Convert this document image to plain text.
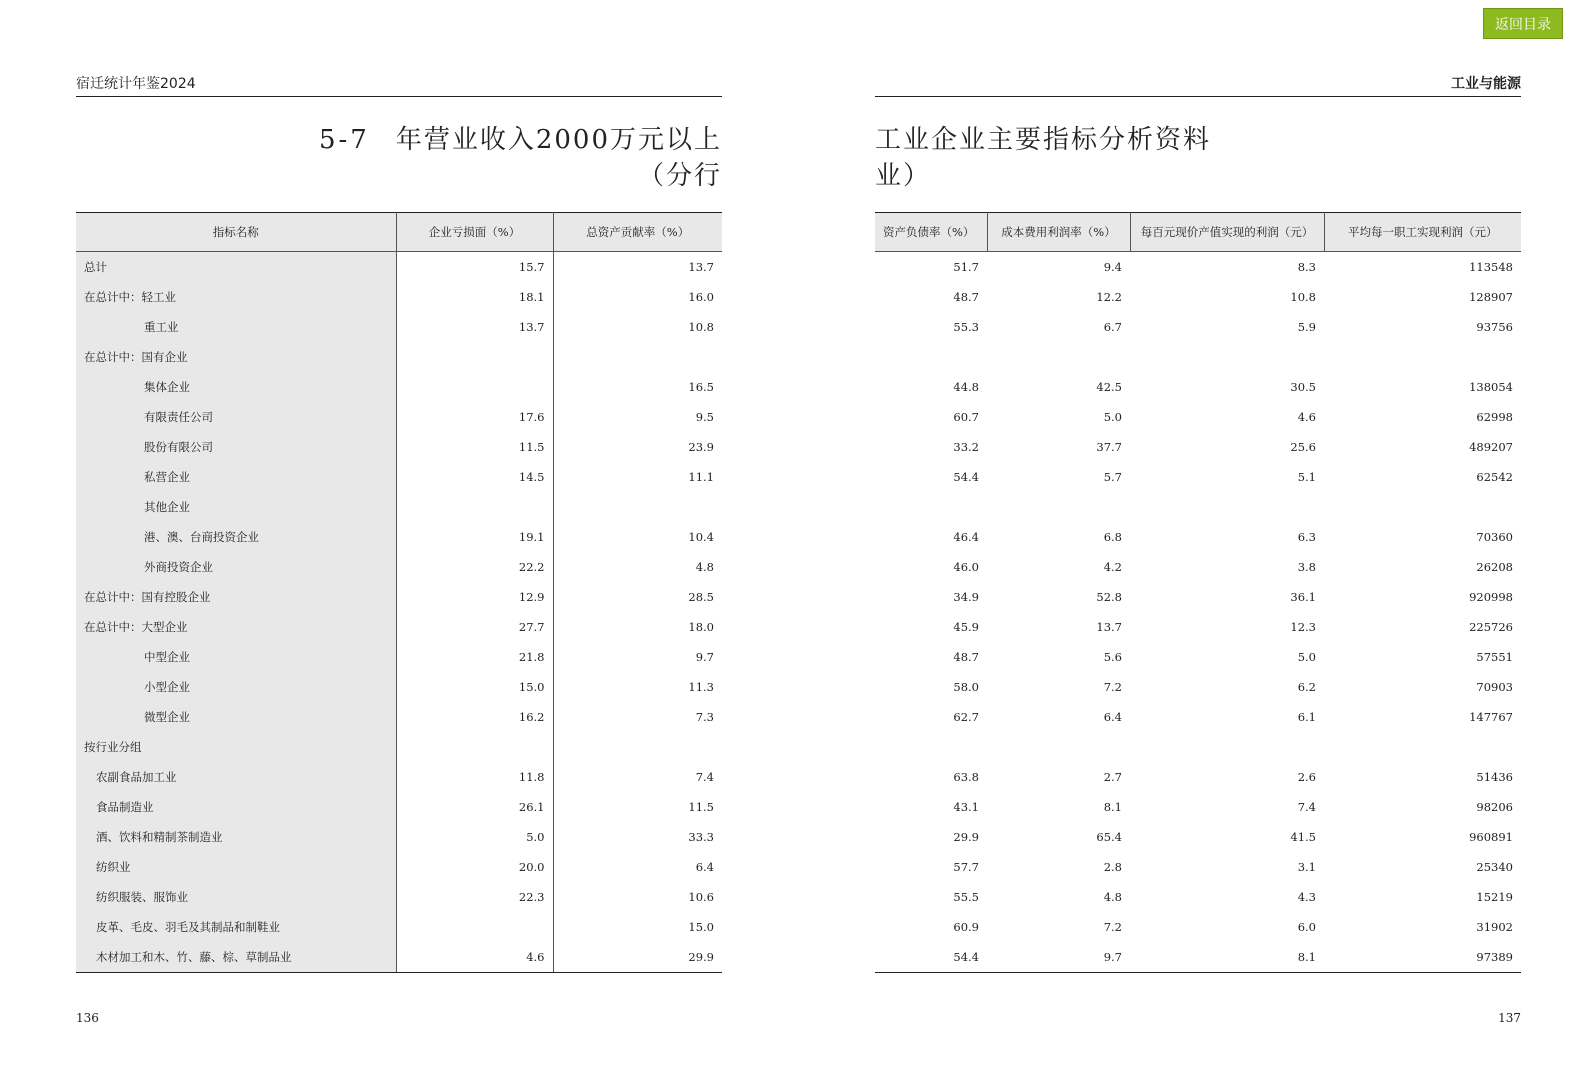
返回目录
宿迁统计年鉴2024
5-7 年营业收入2000万元以上
（分行
指标名称	企业亏损面（%）	总资产贡献率（%）
总计	15.7	13.7
在总计中：轻工业	18.1	16.0
重工业	13.7	10.8
在总计中：国有企业		
集体企业		16.5
有限责任公司	17.6	9.5
股份有限公司	11.5	23.9
私营企业	14.5	11.1
其他企业		
港、澳、台商投资企业	19.1	10.4
外商投资企业	22.2	4.8
在总计中：国有控股企业	12.9	28.5
在总计中：大型企业	27.7	18.0
中型企业	21.8	9.7
小型企业	15.0	11.3
微型企业	16.2	7.3
按行业分组		
农副食品加工业	11.8	7.4
食品制造业	26.1	11.5
酒、饮料和精制茶制造业	5.0	33.3
纺织业	20.0	6.4
纺织服装、服饰业	22.3	10.6
皮革、毛皮、羽毛及其制品和制鞋业		15.0
木材加工和木、竹、藤、棕、草制品业	4.6	29.9
136
工业与能源
工业企业主要指标分析资料
业）
资产负债率（%）	成本费用利润率（%）	每百元现价产值实现的利润（元）	平均每一职工实现利润（元）
51.7	9.4	8.3	113548
48.7	12.2	10.8	128907
55.3	6.7	5.9	93756

44.8	42.5	30.5	138054
60.7	5.0	4.6	62998
33.2	37.7	25.6	489207
54.4	5.7	5.1	62542

46.4	6.8	6.3	70360
46.0	4.2	3.8	26208
34.9	52.8	36.1	920998
45.9	13.7	12.3	225726
48.7	5.6	5.0	57551
58.0	7.2	6.2	70903
62.7	6.4	6.1	147767

63.8	2.7	2.6	51436
43.1	8.1	7.4	98206
29.9	65.4	41.5	960891
57.7	2.8	3.1	25340
55.5	4.8	4.3	15219
60.9	7.2	6.0	31902
54.4	9.7	8.1	97389
137
